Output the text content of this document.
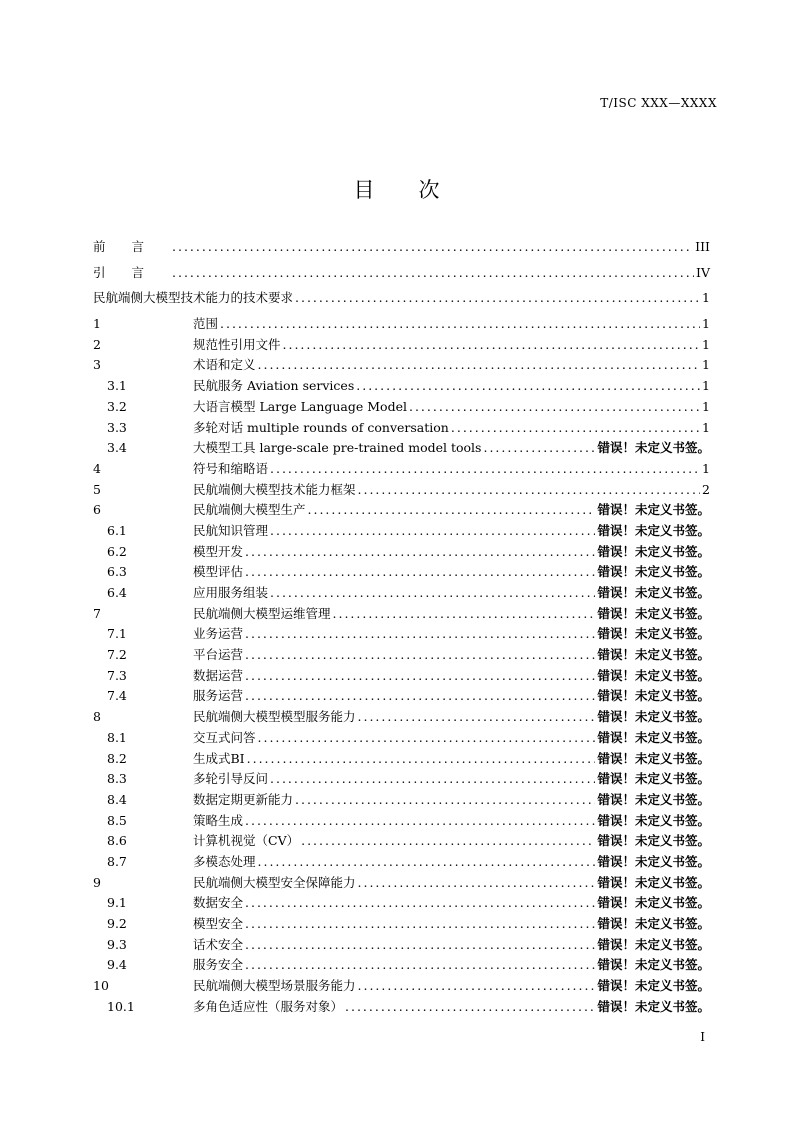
T/ISC XXX—XXXX
目次
前言 .....	III
引言 .....	IV
民航端侧大模型技术能力的技术要求 .....	1
1	范围 .....	1
2	规范性引用文件 .....	1
3	术语和定义 .....	1
3.1	民航服务 Aviation services .....	1
3.2	大语言模型 Large Language Model .....	1
3.3	多轮对话 multiple rounds of conversation .....	1
3.4	大模型工具 large-scale pre-trained model tools .....	错误！未定义书签。
4	符号和缩略语 .....	1
5	民航端侧大模型技术能力框架 .....	2
6	民航端侧大模型生产 .....	错误！未定义书签。
6.1	民航知识管理 .....	错误！未定义书签。
6.2	模型开发 .....	错误！未定义书签。
6.3	模型评估 .....	错误！未定义书签。
6.4	应用服务组装 .....	错误！未定义书签。
7	民航端侧大模型运维管理 .....	错误！未定义书签。
7.1	业务运营 .....	错误！未定义书签。
7.2	平台运营 .....	错误！未定义书签。
7.3	数据运营 .....	错误！未定义书签。
7.4	服务运营 .....	错误！未定义书签。
8	民航端侧大模型模型服务能力 .....	错误！未定义书签。
8.1	交互式问答 .....	错误！未定义书签。
8.2	生成式BI .....	错误！未定义书签。
8.3	多轮引导反问 .....	错误！未定义书签。
8.4	数据定期更新能力 .....	错误！未定义书签。
8.5	策略生成 .....	错误！未定义书签。
8.6	计算机视觉（CV） .....	错误！未定义书签。
8.7	多模态处理 .....	错误！未定义书签。
9	民航端侧大模型安全保障能力 .....	错误！未定义书签。
9.1	数据安全 .....	错误！未定义书签。
9.2	模型安全 .....	错误！未定义书签。
9.3	话术安全 .....	错误！未定义书签。
9.4	服务安全 .....	错误！未定义书签。
10	民航端侧大模型场景服务能力 .....	错误！未定义书签。
10.1	多角色适应性（服务对象） .....	错误！未定义书签。
I
